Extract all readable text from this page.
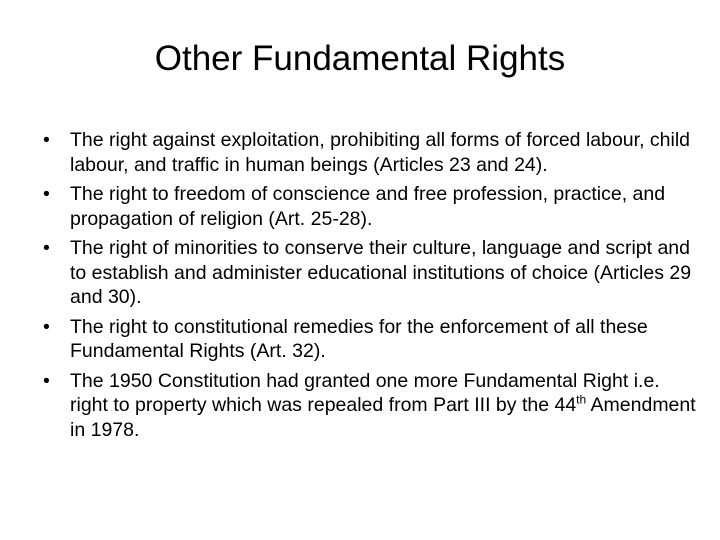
Other Fundamental Rights
•	The right against exploitation, prohibiting all forms of forced labour, child labour, and traffic in human beings (Articles 23 and 24).
•	The right to freedom of conscience and free profession, practice, and propagation of religion (Art. 25-28).
•	The right of minorities to conserve their culture, language and script and to establish and administer educational institutions of choice (Articles 29 and 30).
•	The right to constitutional remedies for the enforcement of all these Fundamental Rights (Art. 32).
•	The 1950 Constitution had granted one more Fundamental Right i.e. right to property which was repealed from Part III by the 44th Amendment in 1978.
